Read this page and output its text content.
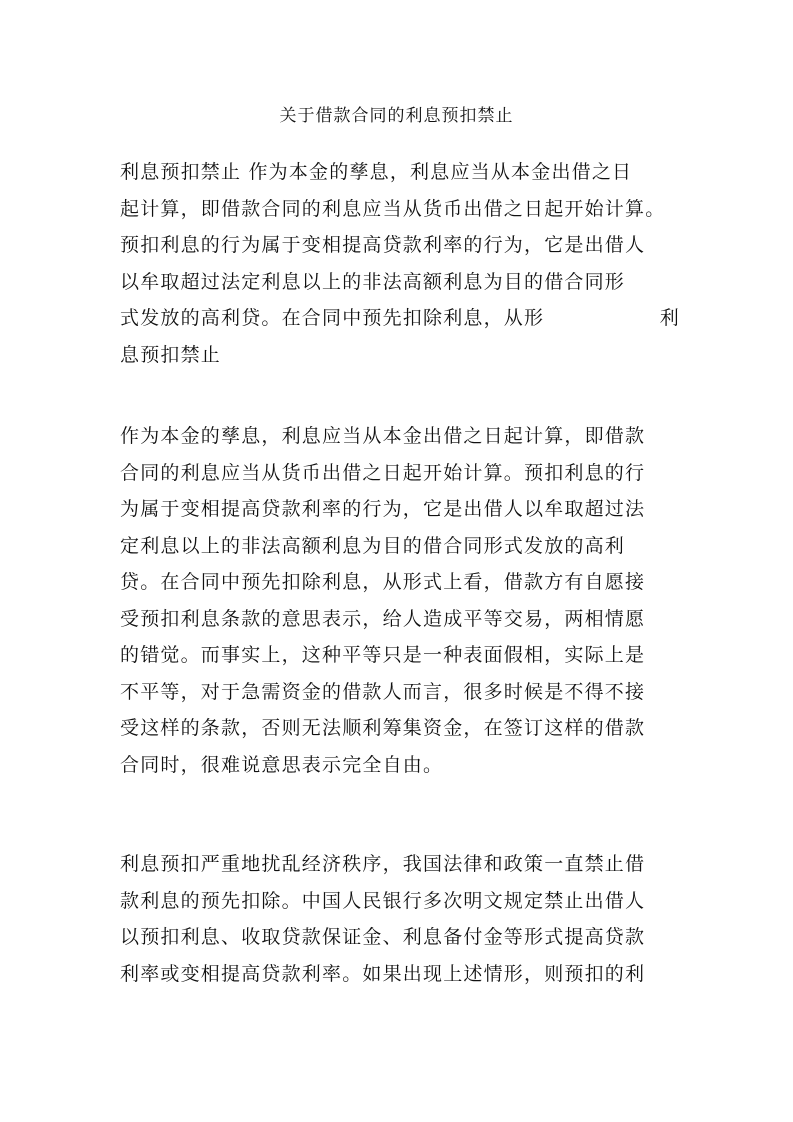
关于借款合同的利息预扣禁止
利息预扣禁止 作为本金的孳息，利息应当从本金出借之日
起计算，即借款合同的利息应当从货币出借之日起开始计算。
预扣利息的行为属于变相提高贷款利率的行为，它是出借人
以牟取超过法定利息以上的非法高额利息为目的借合同形
式发放的高利贷。在合同中预先扣除利息，从形	利
息预扣禁止
作为本金的孳息，利息应当从本金出借之日起计算，即借款
合同的利息应当从货币出借之日起开始计算。预扣利息的行
为属于变相提高贷款利率的行为，它是出借人以牟取超过法
定利息以上的非法高额利息为目的借合同形式发放的高利
贷。在合同中预先扣除利息，从形式上看，借款方有自愿接
受预扣利息条款的意思表示，给人造成平等交易，两相情愿
的错觉。而事实上，这种平等只是一种表面假相，实际上是
不平等，对于急需资金的借款人而言，很多时候是不得不接
受这样的条款，否则无法顺利筹集资金，在签订这样的借款
合同时，很难说意思表示完全自由。
利息预扣严重地扰乱经济秩序，我国法律和政策一直禁止借
款利息的预先扣除。中国人民银行多次明文规定禁止出借人
以预扣利息、收取贷款保证金、利息备付金等形式提高贷款
利率或变相提高贷款利率。如果出现上述情形，则预扣的利
